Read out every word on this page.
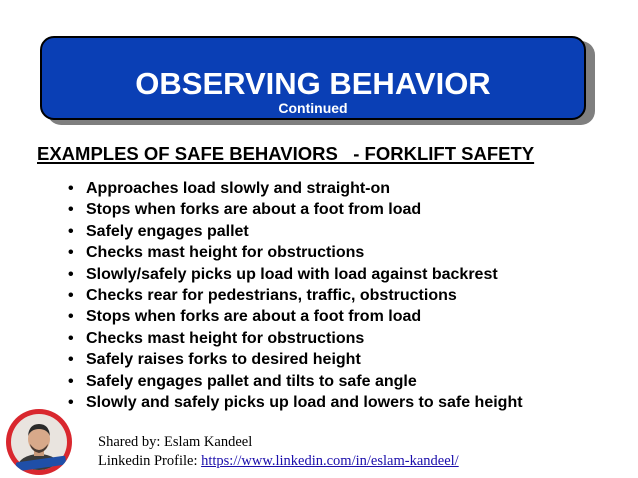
OBSERVING BEHAVIOR
Continued
EXAMPLES OF SAFE BEHAVIORS   - FORKLIFT SAFETY
• Approaches load slowly and straight-on
• Stops when forks are about a foot from load
• Safely engages pallet
• Checks mast height for obstructions
• Slowly/safely picks up load with load against backrest
• Checks rear for pedestrians, traffic, obstructions
• Stops when forks are about a foot from load
• Checks mast height for obstructions
• Safely raises forks to desired height
• Safely engages pallet and tilts to safe angle
• Slowly and safely picks up load and lowers to safe height
Shared by: Eslam Kandeel
Linkedin Profile: https://www.linkedin.com/in/eslam-kandeel/
